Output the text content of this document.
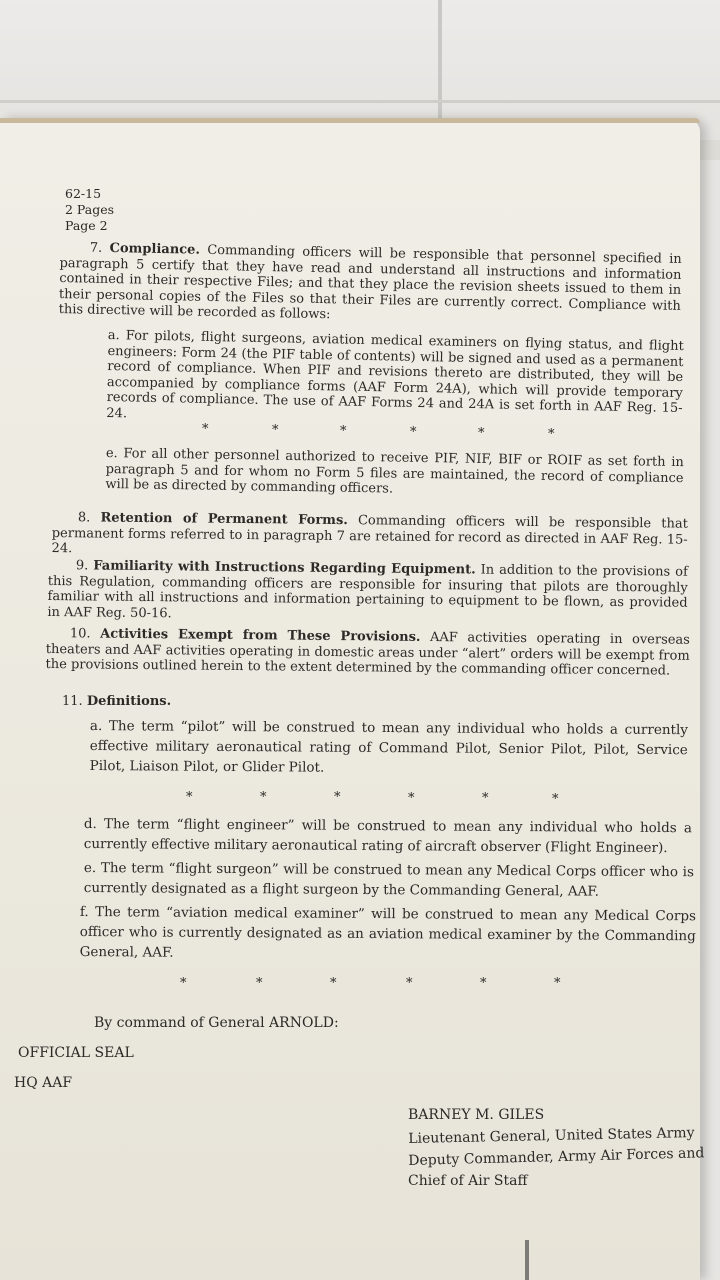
62-15
2 Pages
Page 2
7. Compliance. Commanding officers will be responsible that personnel specified in paragraph 5 certify that they have read and understand all instructions and information contained in their respective Files; and that they place the revision sheets issued to them in their personal copies of the Files so that their Files are currently correct. Compliance with this directive will be recorded as follows:
a. For pilots, flight surgeons, aviation medical examiners on flying status, and flight engineers: Form 24 (the PIF table of contents) will be signed and used as a permanent record of compliance. When PIF and revisions thereto are distributed, they will be accompanied by compliance forms (AAF Form 24A), which will provide temporary records of compliance. The use of AAF Forms 24 and 24A is set forth in AAF Reg. 15-24.
*	*	*	*	*	*
e. For all other personnel authorized to receive PIF, NIF, BIF or ROIF as set forth in paragraph 5 and for whom no Form 5 files are maintained, the record of compliance will be as directed by commanding officers.
8. Retention of Permanent Forms. Commanding officers will be responsible that permanent forms referred to in paragraph 7 are retained for record as directed in AAF Reg. 15-24.
9. Familiarity with Instructions Regarding Equipment. In addition to the provisions of this Regulation, commanding officers are responsible for insuring that pilots are thoroughly familiar with all instructions and information pertaining to equipment to be flown, as provided in AAF Reg. 50-16.
10. Activities Exempt from These Provisions. AAF activities operating in overseas theaters and AAF activities operating in domestic areas under “alert” orders will be exempt from the provisions outlined herein to the extent determined by the commanding officer concerned.
11. Definitions.
a. The term “pilot” will be construed to mean any individual who holds a currently effective military aeronautical rating of Command Pilot, Senior Pilot, Pilot, Service Pilot, Liaison Pilot, or Glider Pilot.
*	*	*	*	*	*
d. The term “flight engineer” will be construed to mean any individual who holds a currently effective military aeronautical rating of aircraft observer (Flight Engineer).
e. The term “flight surgeon” will be construed to mean any Medical Corps officer who is currently designated as a flight surgeon by the Commanding General, AAF.
f. The term “aviation medical examiner” will be construed to mean any Medical Corps officer who is currently designated as an aviation medical examiner by the Commanding General, AAF.
*	*	*	*	*	*
By command of General ARNOLD:
OFFICIAL SEAL
HQ AAF
BARNEY M. GILES
Lieutenant General, United States Army
Deputy Commander, Army Air Forces and
Chief of Air Staff
